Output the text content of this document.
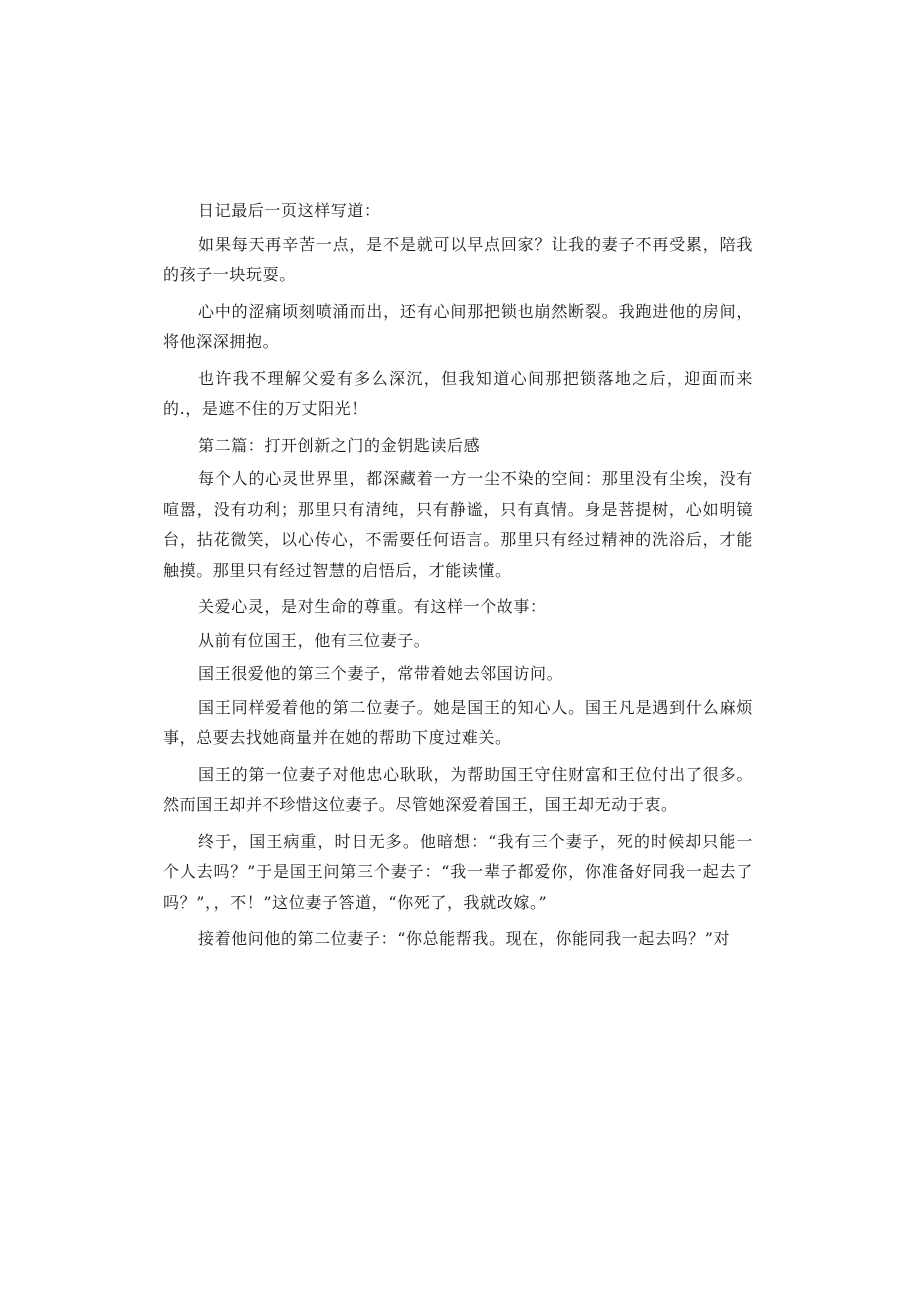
日记最后一页这样写道：

如果每天再辛苦一点，是不是就可以早点回家？让我的妻子不再受累，陪我的孩子一块玩耍。

心中的涩痛顷刻喷涌而出，还有心间那把锁也崩然断裂。我跑进他的房间，将他深深拥抱。

也许我不理解父爱有多么深沉，但我知道心间那把锁落地之后，迎面而来的.，是遮不住的万丈阳光！

第二篇：打开创新之门的金钥匙读后感

每个人的心灵世界里，都深藏着一方一尘不染的空间：那里没有尘埃，没有喧嚣，没有功利；那里只有清纯，只有静谧，只有真情。身是菩提树，心如明镜台，拈花微笑，以心传心，不需要任何语言。那里只有经过精神的洗浴后，才能触摸。那里只有经过智慧的启悟后，才能读懂。

关爱心灵，是对生命的尊重。有这样一个故事：

从前有位国王，他有三位妻子。

国王很爱他的第三个妻子，常带着她去邻国访问。

国王同样爱着他的第二位妻子。她是国王的知心人。国王凡是遇到什么麻烦事，总要去找她商量并在她的帮助下度过难关。

国王的第一位妻子对他忠心耿耿，为帮助国王守住财富和王位付出了很多。然而国王却并不珍惜这位妻子。尽管她深爱着国王，国王却无动于衷。

终于，国王病重，时日无多。他暗想：“我有三个妻子，死的时候却只能一个人去吗？”于是国王问第三个妻子：“我一辈子都爱你，你准备好同我一起去了吗？”，，不！”这位妻子答道，“你死了，我就改嫁。”

接着他问他的第二位妻子：“你总能帮我。现在，你能同我一起去吗？”对
